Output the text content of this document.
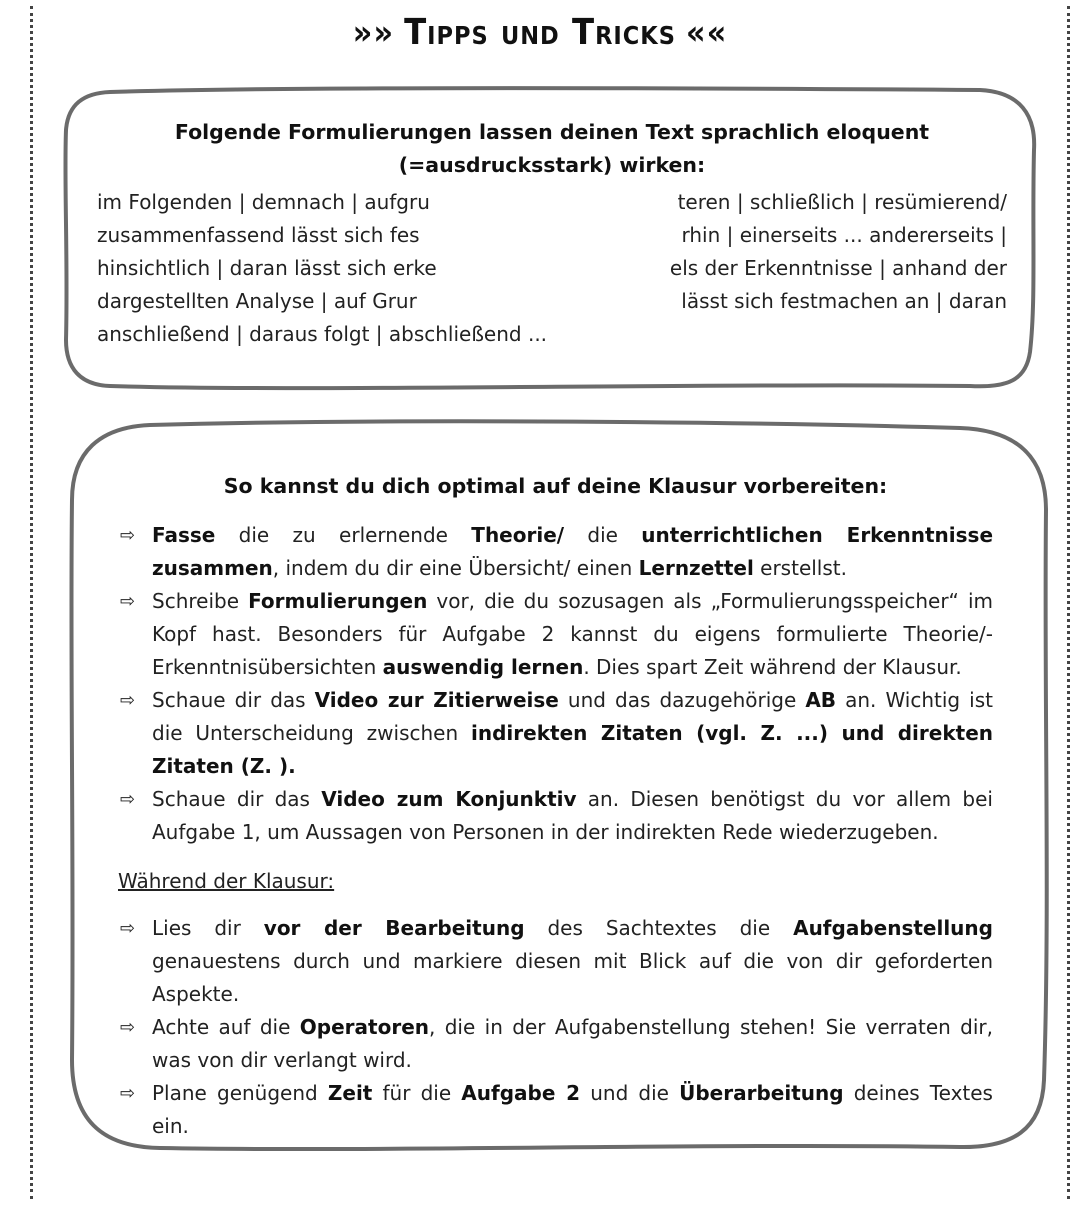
»» Tipps und Tricks ««
Folgende Formulierungen lassen deinen Text sprachlich eloquent
(=ausdrucksstark) wirken:
im Folgenden | demnach | aufgru	teren | schließlich | resümierend/
zusammenfassend lässt sich fes	rhin | einerseits ... andererseits |
hinsichtlich | daran lässt sich erke	els der Erkenntnisse | anhand der
dargestellten Analyse | auf Grur	lässt sich festmachen an | daran
anschließend | daraus folgt | abschließend ...
So kannst du dich optimal auf deine Klausur vorbereiten:
⇨ Fasse die zu erlernende Theorie/ die unterrichtlichen Erkenntnisse zusammen, indem du dir eine Übersicht/ einen Lernzettel erstellst.
⇨ Schreibe Formulierungen vor, die du sozusagen als „Formulierungsspeicher“ im Kopf hast. Besonders für Aufgabe 2 kannst du eigens formulierte Theorie/-Erkenntnisübersichten auswendig lernen. Dies spart Zeit während der Klausur.
⇨ Schaue dir das Video zur Zitierweise und das dazugehörige AB an. Wichtig ist die Unterscheidung zwischen indirekten Zitaten (vgl. Z. ...) und direkten Zitaten (Z. ).
⇨ Schaue dir das Video zum Konjunktiv an. Diesen benötigst du vor allem bei Aufgabe 1, um Aussagen von Personen in der indirekten Rede wiederzugeben.
Während der Klausur:
⇨ Lies dir vor der Bearbeitung des Sachtextes die Aufgabenstellung genauestens durch und markiere diesen mit Blick auf die von dir geforderten Aspekte.
⇨ Achte auf die Operatoren, die in der Aufgabenstellung stehen! Sie verraten dir, was von dir verlangt wird.
⇨ Plane genügend Zeit für die Aufgabe 2 und die Überarbeitung deines Textes ein.
